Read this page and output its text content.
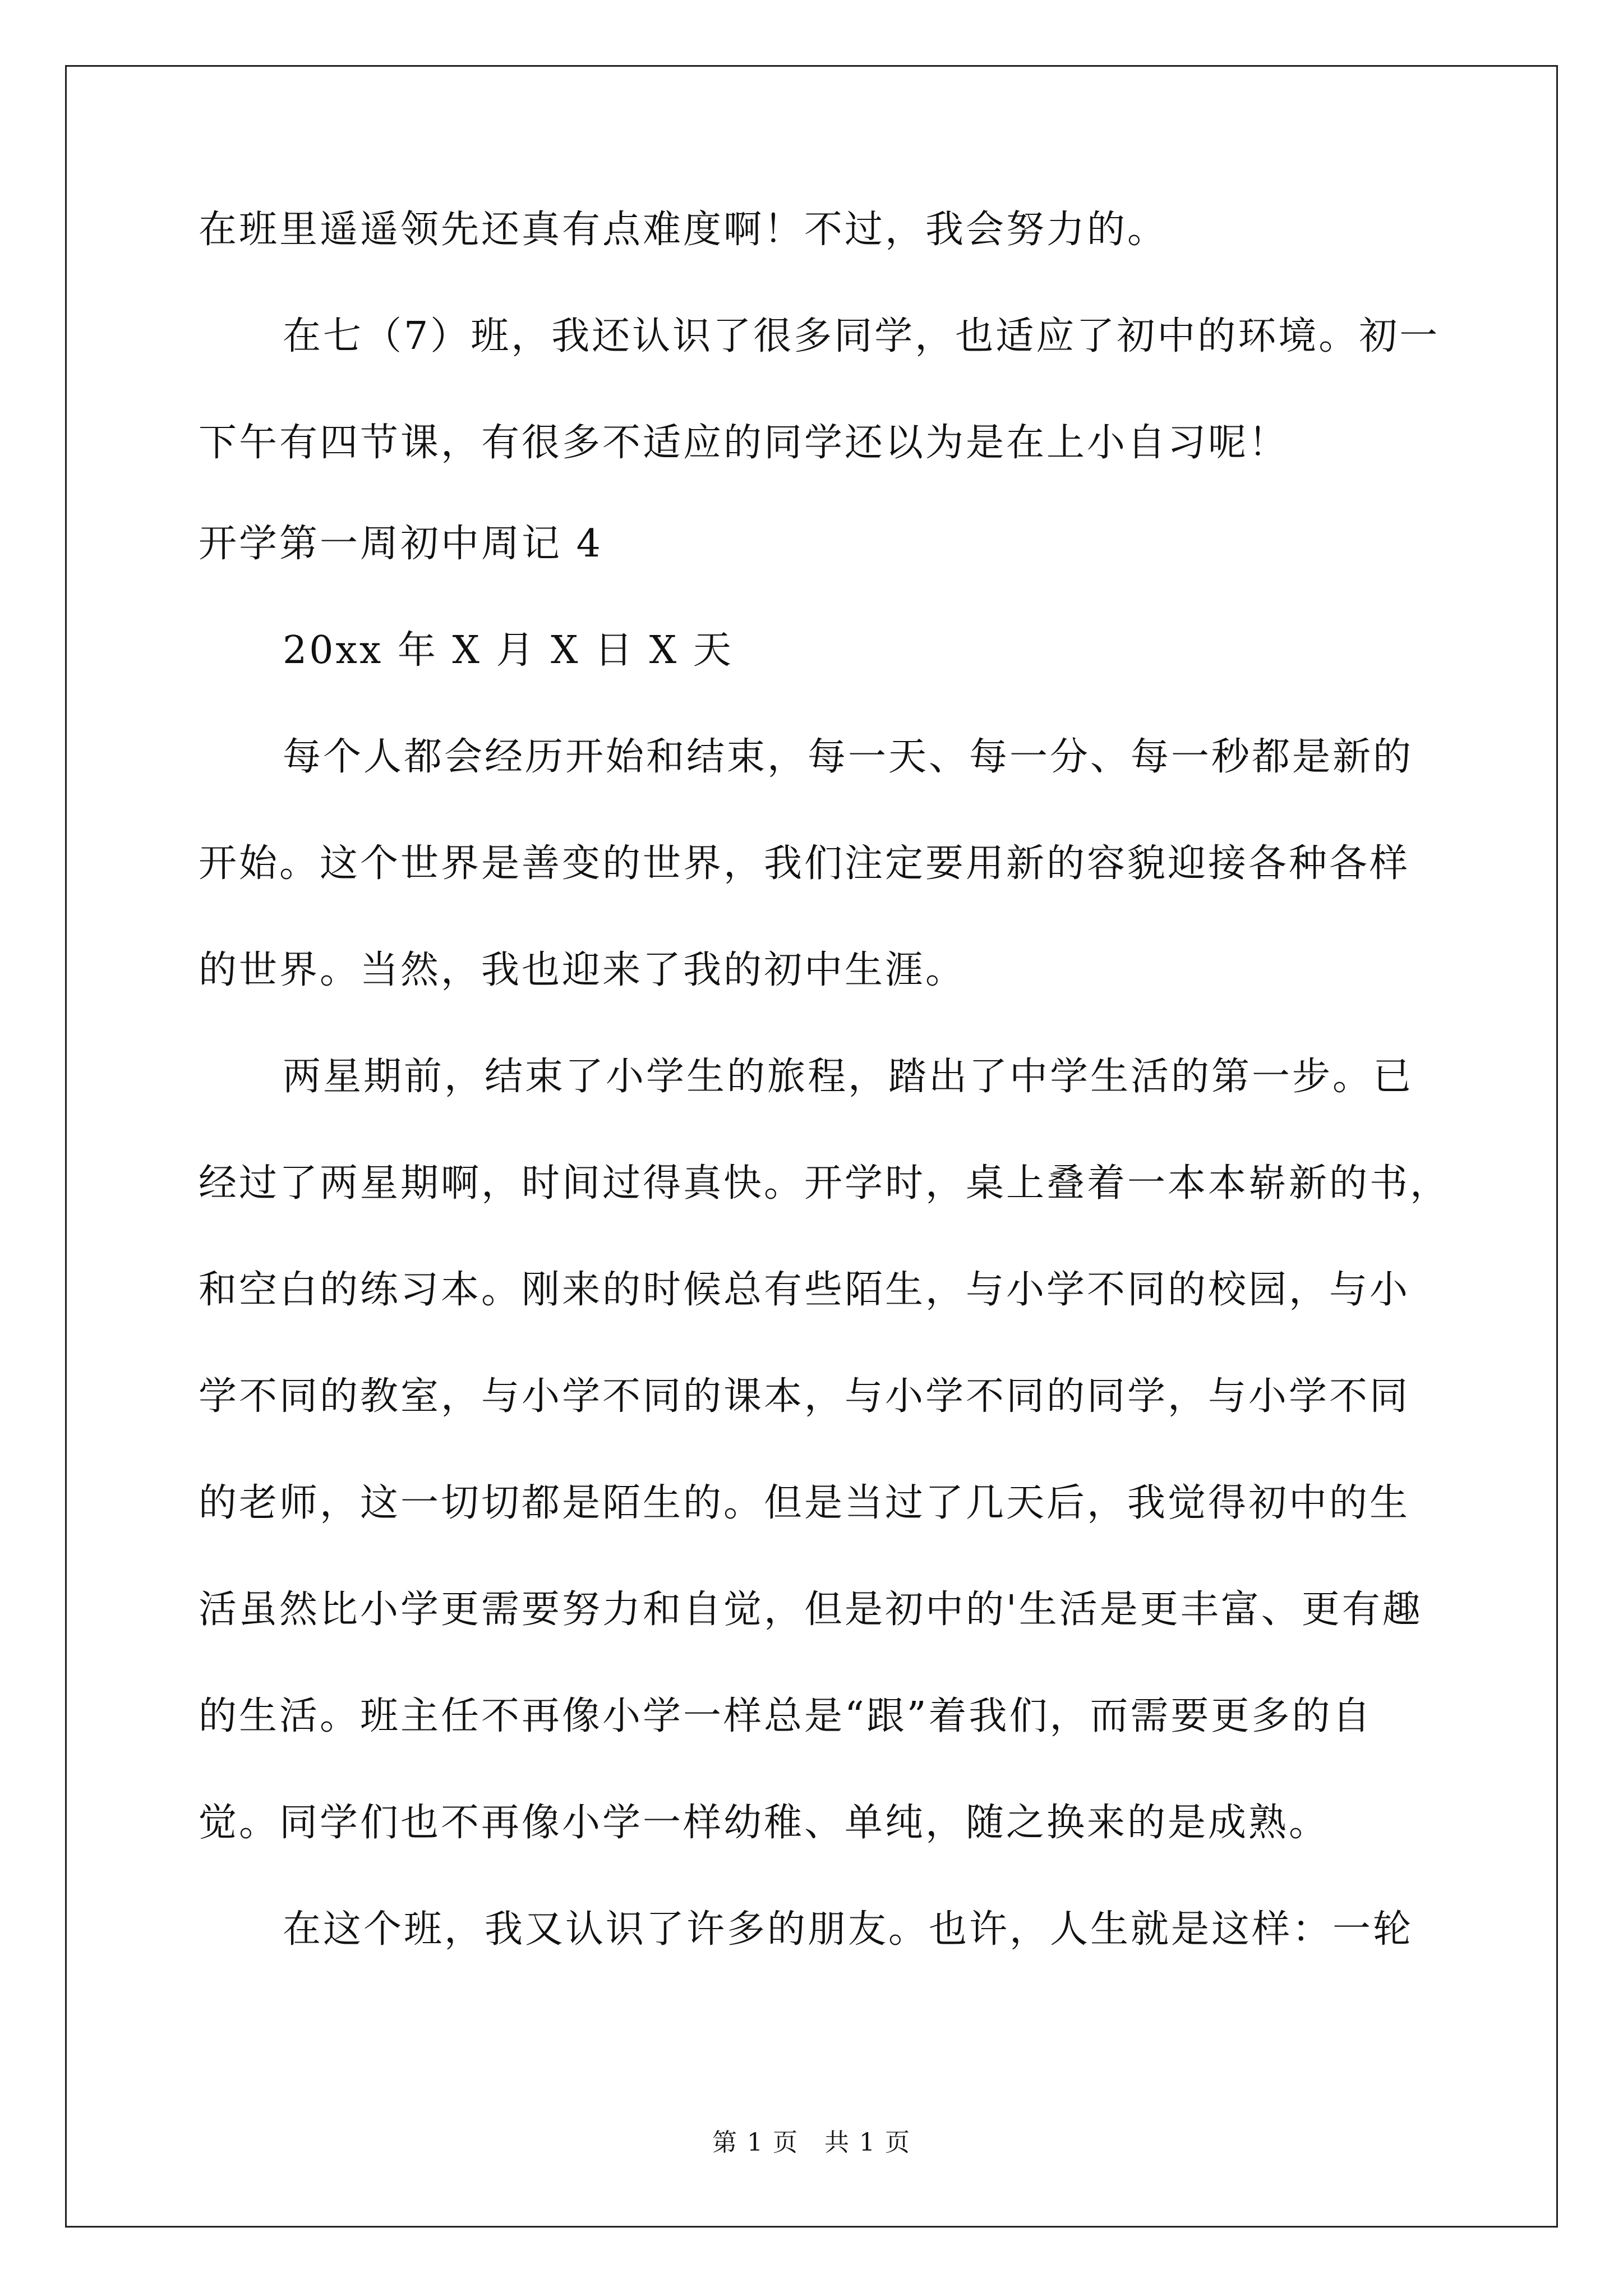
在班里遥遥领先还真有点难度啊！不过，我会努力的。
在七（7）班，我还认识了很多同学，也适应了初中的环境。初一
下午有四节课，有很多不适应的同学还以为是在上小自习呢！
开学第一周初中周记 4
20xx 年 X 月 X 日 X 天
每个人都会经历开始和结束，每一天、每一分、每一秒都是新的
开始。这个世界是善变的世界，我们注定要用新的容貌迎接各种各样
的世界。当然，我也迎来了我的初中生涯。
两星期前，结束了小学生的旅程，踏出了中学生活的第一步。已
经过了两星期啊，时间过得真快。开学时，桌上叠着一本本崭新的书，
和空白的练习本。刚来的时候总有些陌生，与小学不同的校园，与小
学不同的教室，与小学不同的课本，与小学不同的同学，与小学不同
的老师，这一切切都是陌生的。但是当过了几天后，我觉得初中的生
活虽然比小学更需要努力和自觉，但是初中的'生活是更丰富、更有趣
的生活。班主任不再像小学一样总是“跟”着我们，而需要更多的自
觉。同学们也不再像小学一样幼稚、单纯，随之换来的是成熟。
在这个班，我又认识了许多的朋友。也许，人生就是这样：一轮
第 1 页　共 1 页
